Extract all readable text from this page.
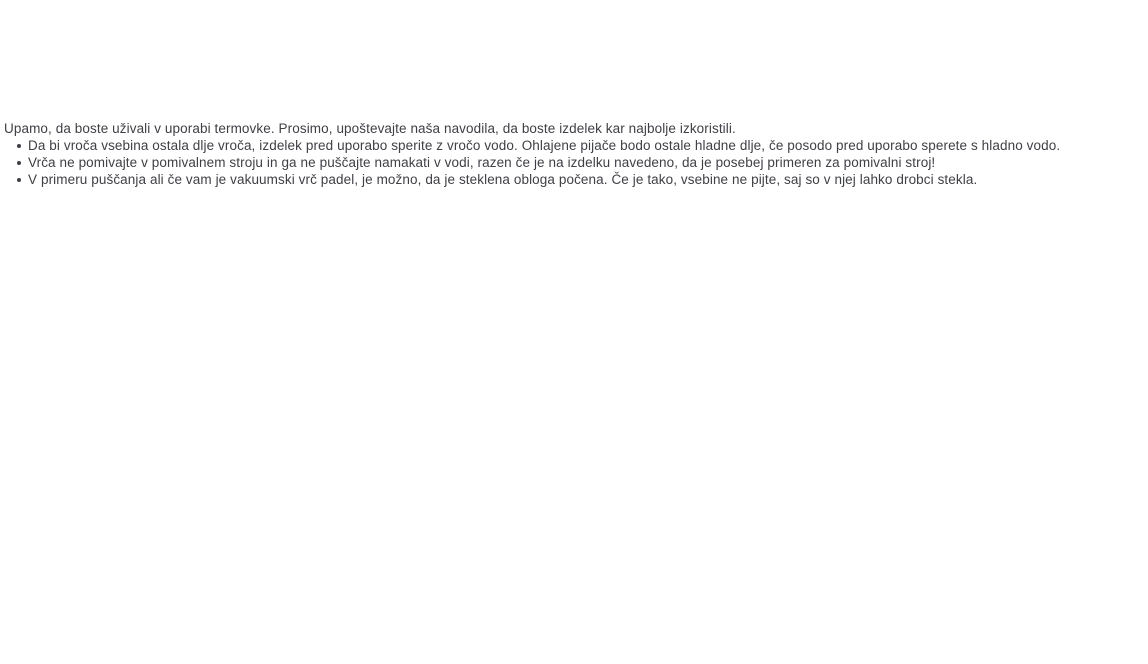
Upamo, da boste uživali v uporabi termovke. Prosimo, upoštevajte naša navodila, da boste izdelek kar najbolje izkoristili.

Da bi vroča vsebina ostala dlje vroča, izdelek pred uporabo sperite z vročo vodo. Ohlajene pijače bodo ostale hladne dlje, če posodo pred uporabo sperete s hladno vodo.
Vrča ne pomivajte v pomivalnem stroju in ga ne puščajte namakati v vodi, razen če je na izdelku navedeno, da je posebej primeren za pomivalni stroj!
V primeru puščanja ali če vam je vakuumski vrč padel, je možno, da je steklena obloga počena. Če je tako, vsebine ne pijte, saj so v njej lahko drobci stekla.
